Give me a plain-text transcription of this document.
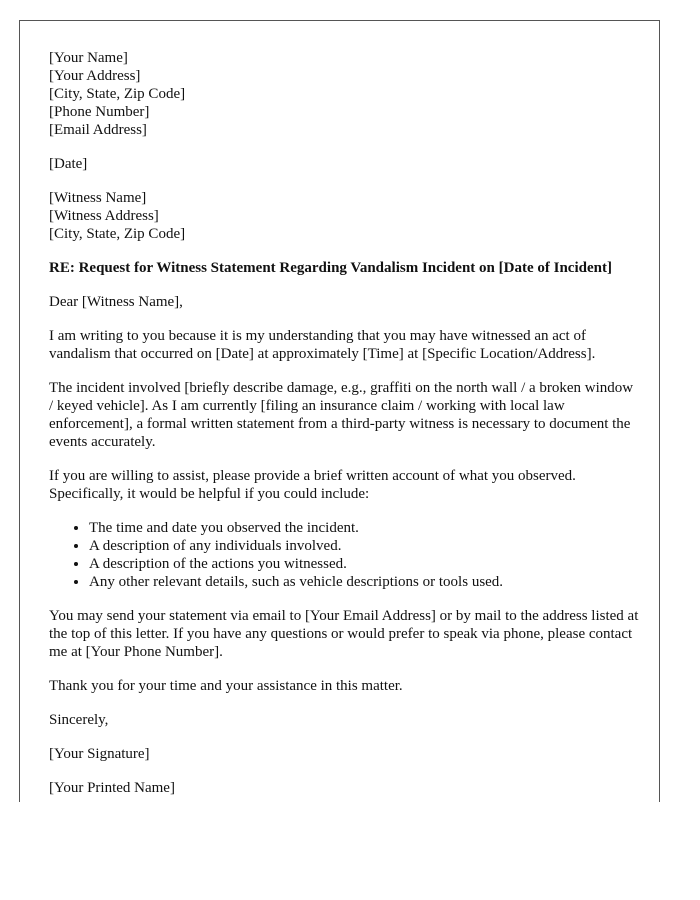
[Your Name]
[Your Address]
[City, State, Zip Code]
[Phone Number]
[Email Address]
[Date]
[Witness Name]
[Witness Address]
[City, State, Zip Code]

RE: Request for Witness Statement Regarding Vandalism Incident on [Date of Incident]

Dear [Witness Name],

I am writing to you because it is my understanding that you may have witnessed an act of vandalism that occurred on [Date] at approximately [Time] at [Specific Location/Address].

The incident involved [briefly describe damage, e.g., graffiti on the north wall / a broken window / keyed vehicle]. As I am currently [filing an insurance claim / working with local law enforcement], a formal written statement from a third-party witness is necessary to document the events accurately.

If you are willing to assist, please provide a brief written account of what you observed. Specifically, it would be helpful if you could include:

• The time and date you observed the incident.
• A description of any individuals involved.
• A description of the actions you witnessed.
• Any other relevant details, such as vehicle descriptions or tools used.

You may send your statement via email to [Your Email Address] or by mail to the address listed at the top of this letter. If you have any questions or would prefer to speak via phone, please contact me at [Your Phone Number].

Thank you for your time and your assistance in this matter.

Sincerely,

[Your Signature]

[Your Printed Name]
